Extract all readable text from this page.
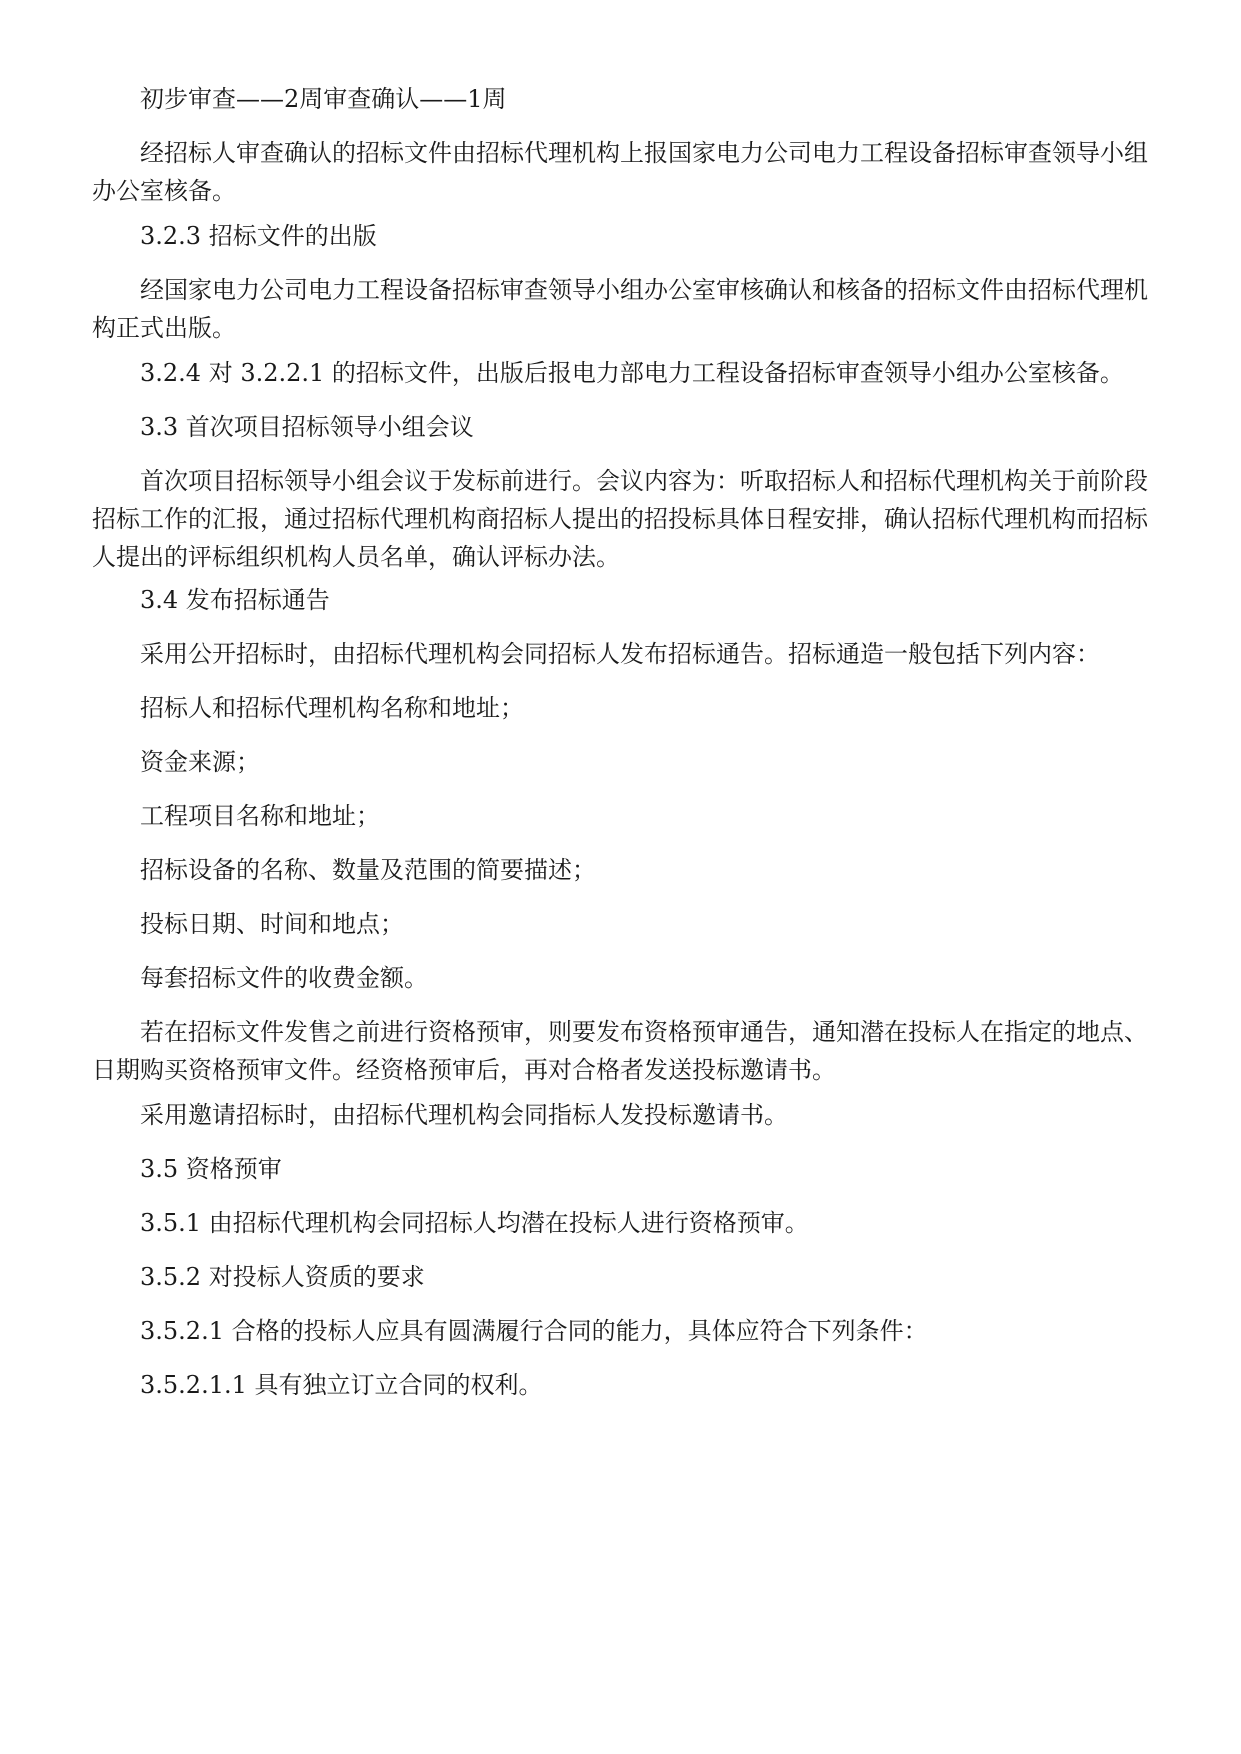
初步审查——2周审查确认——1周

经招标人审查确认的招标文件由招标代理机构上报国家电力公司电力工程设备招标审查领导小组办公室核备。

3.2.3 招标文件的出版

经国家电力公司电力工程设备招标审查领导小组办公室审核确认和核备的招标文件由招标代理机构正式出版。

3.2.4 对 3.2.2.1 的招标文件，出版后报电力部电力工程设备招标审查领导小组办公室核备。

3.3 首次项目招标领导小组会议

首次项目招标领导小组会议于发标前进行。会议内容为：听取招标人和招标代理机构关于前阶段招标工作的汇报，通过招标代理机构商招标人提出的招投标具体日程安排，确认招标代理机构而招标人提出的评标组织机构人员名单，确认评标办法。

3.4 发布招标通告

采用公开招标时，由招标代理机构会同招标人发布招标通告。招标通造一般包括下列内容：

招标人和招标代理机构名称和地址；

资金来源；

工程项目名称和地址；

招标设备的名称、数量及范围的简要描述；

投标日期、时间和地点；

每套招标文件的收费金额。

若在招标文件发售之前进行资格预审，则要发布资格预审通告，通知潜在投标人在指定的地点、日期购买资格预审文件。经资格预审后，再对合格者发送投标邀请书。

采用邀请招标时，由招标代理机构会同指标人发投标邀请书。

3.5 资格预审

3.5.1 由招标代理机构会同招标人均潜在投标人进行资格预审。

3.5.2 对投标人资质的要求

3.5.2.1 合格的投标人应具有圆满履行合同的能力，具体应符合下列条件：

3.5.2.1.1 具有独立订立合同的权利。
